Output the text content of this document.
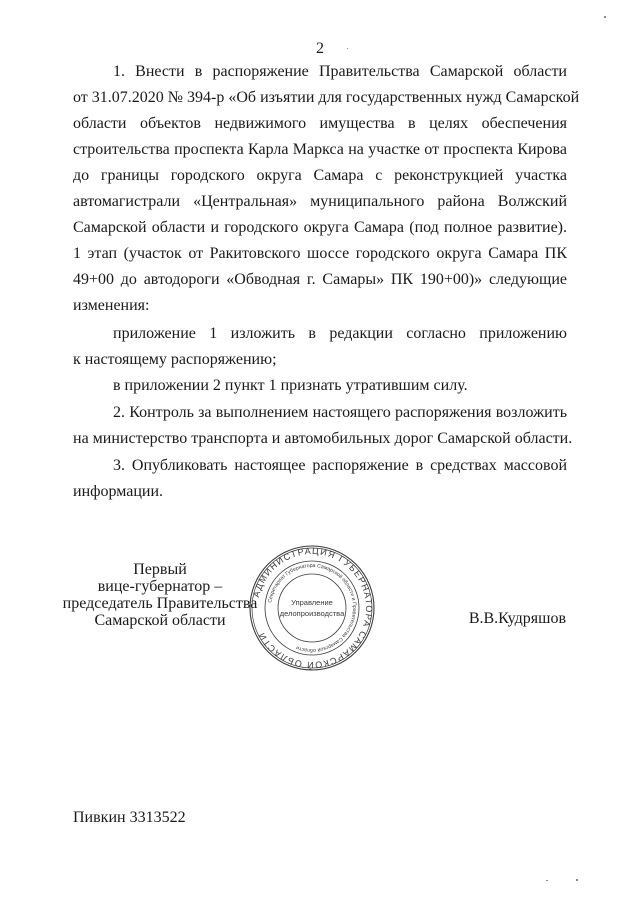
2
1. Внести в распоряжение Правительства Самарской области
от 31.07.2020 № 394-р «Об изъятии для государственных нужд Самарской
области объектов недвижимого имущества в целях обеспечения
строительства проспекта Карла Маркса на участке от проспекта Кирова
до границы городского округа Самара с реконструкцией участка
автомагистрали «Центральная» муниципального района Волжский
Самарской области и городского округа Самара (под полное развитие).
1 этап (участок от Ракитовского шоссе городского округа Самара ПК
49+00 до автодороги «Обводная г. Самары» ПК 190+00)» следующие
изменения:
приложение 1 изложить в редакции согласно приложению
к настоящему распоряжению;
в приложении 2 пункт 1 признать утратившим силу.
2. Контроль за выполнением настоящего распоряжения возложить
на министерство транспорта и автомобильных дорог Самарской области.
3. Опубликовать настоящее распоряжение в средствах массовой
информации.
Первый
вице-губернатор –
председатель Правительства
Самарской области
АДМИНИСТРАЦИЯ ГУБЕРНАТОРА САМАРСКОЙ ОБЛАСТИ
Секретариат Губернатора Самарской области и Правительства Самарской области
Управление
делопроизводства	В.В.Кудряшов
Пивкин 3313522
